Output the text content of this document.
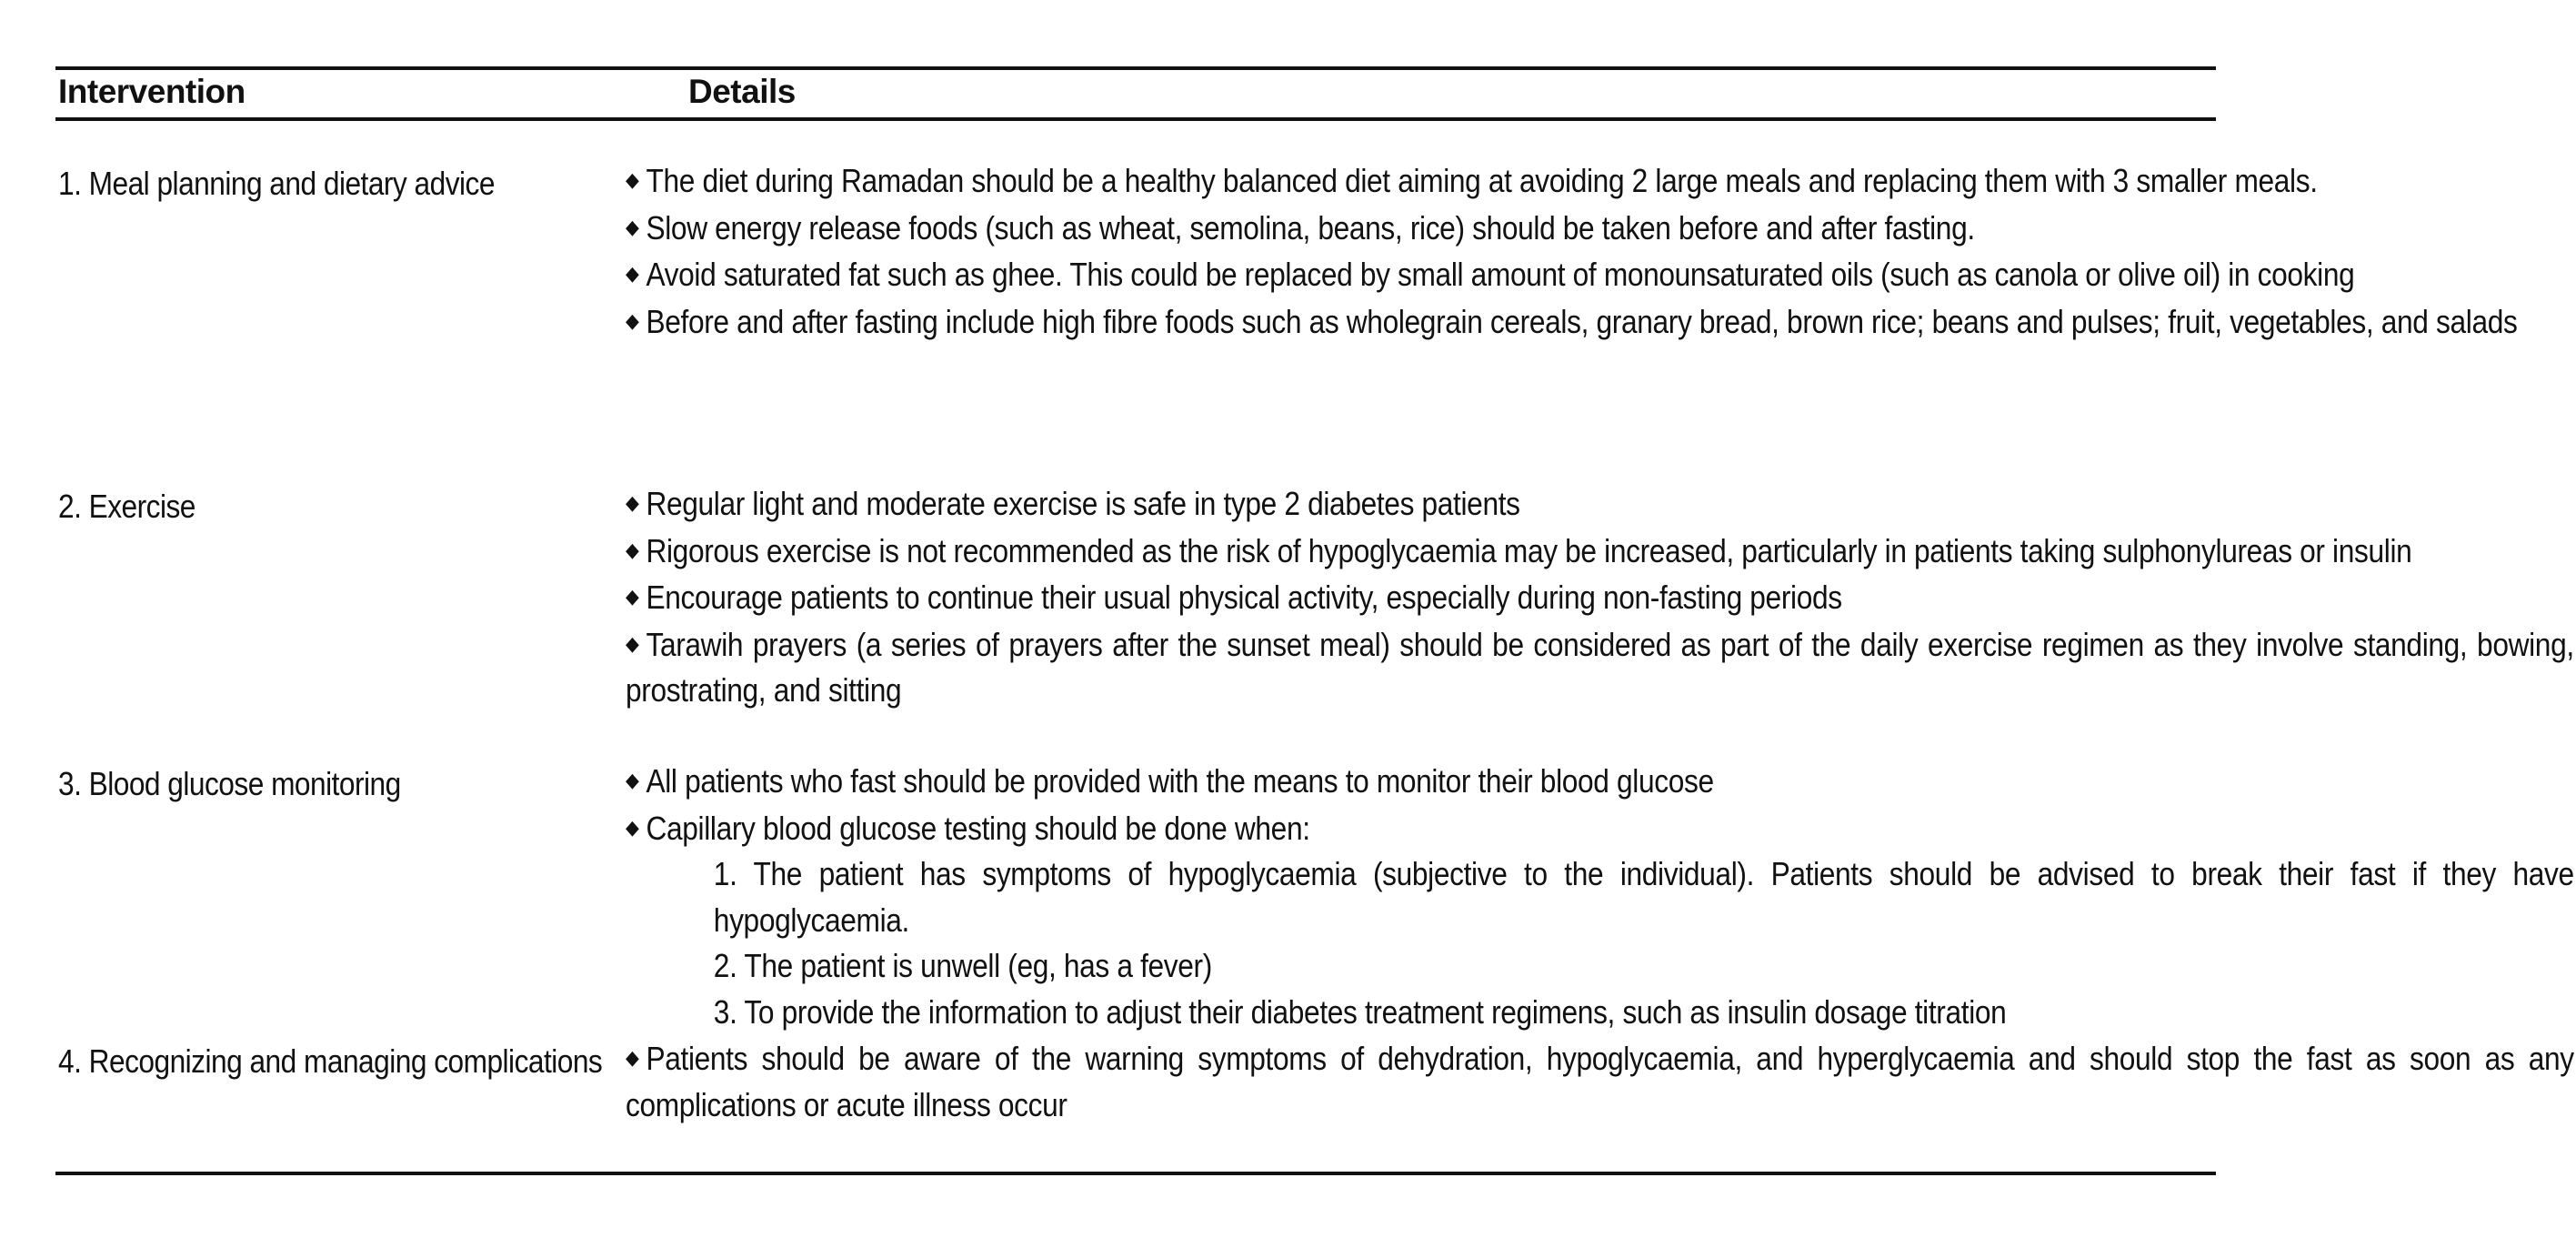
Intervention	Details
1. Meal planning and dietary advice	◆ The diet during Ramadan should be a healthy balanced diet aiming at avoiding 2 large meals and replacing them with 3 smaller meals.
◆ Slow energy release foods (such as wheat, semolina, beans, rice) should be taken before and after fasting.
◆ Avoid saturated fat such as ghee. This could be replaced by small amount of monounsaturated oils (such as canola or olive oil) in cooking
◆ Before and after fasting include high fibre foods such as wholegrain cereals, granary bread, brown rice; beans and pulses; fruit, vegetables, and salads
2. Exercise	◆ Regular light and moderate exercise is safe in type 2 diabetes patients
◆ Rigorous exercise is not recommended as the risk of hypoglycaemia may be increased, particularly in patients taking sulphonylureas or insulin
◆ Encourage patients to continue their usual physical activity, especially during non-fasting periods
◆ Tarawih prayers (a series of prayers after the sunset meal) should be considered as part of the daily exercise regimen as they involve standing, bowing, prostrating, and sitting
3. Blood glucose monitoring	◆ All patients who fast should be provided with the means to monitor their blood glucose
◆ Capillary blood glucose testing should be done when:
1. The patient has symptoms of hypoglycaemia (subjective to the individual). Patients should be advised to break their fast if they have hypoglycaemia.
2. The patient is unwell (eg, has a fever)
3. To provide the information to adjust their diabetes treatment regimens, such as insulin dosage titration
4. Recognizing and managing complications ◆ Patients should be aware of the warning symptoms of dehydration, hypoglycaemia, and hyperglycaemia and should stop the fast as soon as any complications or acute illness occur
